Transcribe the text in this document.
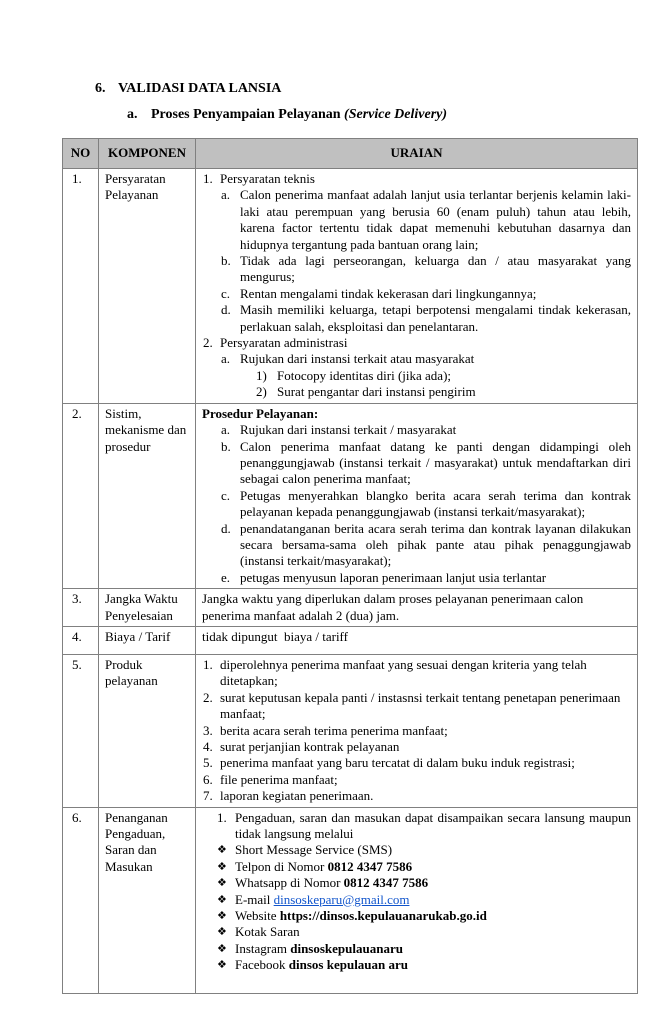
6. VALIDASI DATA LANSIA
a. Proses Penyampaian Pelayanan (Service Delivery)
NO	KOMPONEN	URAIAN
1.	Persyaratan Pelayanan	
1. Persyaratan teknis
a. Calon penerima manfaat adalah lanjut usia terlantar berjenis kelamin laki-laki atau perempuan yang berusia 60 (enam puluh) tahun atau lebih, karena factor tertentu tidak dapat memenuhi kebutuhan dasarnya dan hidupnya tergantung pada bantuan orang lain;
b. Tidak ada lagi perseorangan, keluarga dan / atau masyarakat yang mengurus;
c. Rentan mengalami tindak kekerasan dari lingkungannya;
d. Masih memiliki keluarga, tetapi berpotensi mengalami tindak kekerasan, perlakuan salah, eksploitasi dan penelantaran.
2. Persyaratan administrasi
a. Rujukan dari instansi terkait atau masyarakat
1) Fotocopy identitas diri (jika ada);
2) Surat pengantar dari instansi pengirim

2.	Sistim, mekanisme dan prosedur	
Prosedur Pelayanan:
a. Rujukan dari instansi terkait / masyarakat
b. Calon penerima manfaat datang ke panti dengan didampingi oleh penanggungjawab (instansi terkait / masyarakat) untuk mendaftarkan diri sebagai calon penerima manfaat;
c. Petugas menyerahkan blangko berita acara serah terima dan kontrak pelayanan kepada penanggungjawab (instansi terkait/masyarakat);
d. penandatanganan berita acara serah terima dan kontrak layanan dilakukan secara bersama-sama oleh pihak pante atau pihak penaggungjawab (instansi terkait/masyarakat);
e. petugas menyusun laporan penerimaan lanjut usia terlantar

3.	Jangka Waktu Penyelesaian	Jangka waktu yang diperlukan dalam proses pelayanan penerimaan calon penerima manfaat adalah 2 (dua) jam.
4.	Biaya / Tarif	tidak dipungut  biaya / tariff
5.	Produk pelayanan	
1. diperolehnya penerima manfaat yang sesuai dengan kriteria yang telah ditetapkan;
2. surat keputusan kepala panti / instasnsi terkait tentang penetapan penerimaan manfaat;
3. berita acara serah terima penerima manfaat;
4. surat perjanjian kontrak pelayanan
5. penerima manfaat yang baru tercatat di dalam buku induk registrasi;
6. file penerima manfaat;
7. laporan kegiatan penerimaan.

6.	Penanganan Pengaduan, Saran dan Masukan	
1. Pengaduan, saran dan masukan dapat disampaikan secara lansung maupun tidak langsung melalui
❖ Short Message Service (SMS)
❖ Telpon di Nomor 0812 4347 7586
❖ Whatsapp di Nomor 0812 4347 7586
❖ E-mail dinsoskeparu@gmail.com
❖ Website https://dinsos.kepulauanarukab.go.id
❖ Kotak Saran
❖ Instagram dinsoskepulauanaru
❖ Facebook dinsos kepulauan aru
